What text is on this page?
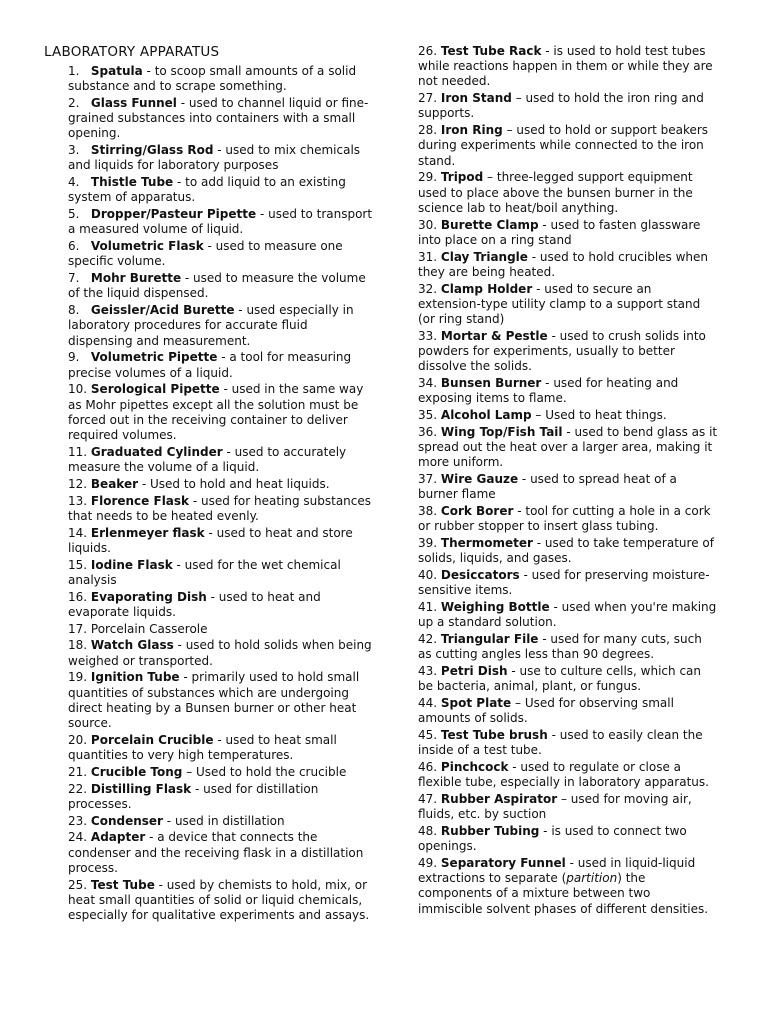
LABORATORY APPARATUS
1.   Spatula - to scoop small amounts of a solid substance and to scrape something.
2.   Glass Funnel - used to channel liquid or fine-grained substances into containers with a small opening.
3.   Stirring/Glass Rod - used to mix chemicals and liquids for laboratory purposes
4.   Thistle Tube - to add liquid to an existing system of apparatus.
5.   Dropper/Pasteur Pipette - used to transport a measured volume of liquid.
6.   Volumetric Flask - used to measure one specific volume.
7.   Mohr Burette - used to measure the volume of the liquid dispensed.
8.   Geissler/Acid Burette - used especially in laboratory procedures for accurate fluid dispensing and measurement.
9.   Volumetric Pipette - a tool for measuring precise volumes of a liquid.
10. Serological Pipette - used in the same way as Mohr pipettes except all the solution must be forced out in the receiving container to deliver required volumes.
11. Graduated Cylinder - used to accurately measure the volume of a liquid.
12. Beaker - Used to hold and heat liquids.
13. Florence Flask - used for heating substances that needs to be heated evenly.
14. Erlenmeyer flask - used to heat and store liquids.
15. Iodine Flask - used for the wet chemical analysis
16. Evaporating Dish - used to heat and evaporate liquids.
17. Porcelain Casserole
18. Watch Glass - used to hold solids when being weighed or transported.
19. Ignition Tube - primarily used to hold small quantities of substances which are undergoing direct heating by a Bunsen burner or other heat source.
20. Porcelain Crucible - used to heat small quantities to very high temperatures.
21. Crucible Tong – Used to hold the crucible
22. Distilling Flask - used for distillation processes.
23. Condenser - used in distillation
24. Adapter - a device that connects the condenser and the receiving flask in a distillation process.
25. Test Tube - used by chemists to hold, mix, or heat small quantities of solid or liquid chemicals, especially for qualitative experiments and assays.
26. Test Tube Rack - is used to hold test tubes while reactions happen in them or while they are not needed.
27. Iron Stand – used to hold the iron ring and supports.
28. Iron Ring – used to hold or support beakers during experiments while connected to the iron stand.
29. Tripod – three-legged support equipment used to place above the bunsen burner in the science lab to heat/boil anything.
30. Burette Clamp - used to fasten glassware into place on a ring stand
31. Clay Triangle - used to hold crucibles when they are being heated.
32. Clamp Holder - used to secure an extension-type utility clamp to a support stand (or ring stand)
33. Mortar & Pestle - used to crush solids into powders for experiments, usually to better dissolve the solids.
34. Bunsen Burner - used for heating and exposing items to flame.
35. Alcohol Lamp – Used to heat things.
36. Wing Top/Fish Tail - used to bend glass as it spread out the heat over a larger area, making it more uniform.
37. Wire Gauze - used to spread heat of a burner flame
38. Cork Borer - tool for cutting a hole in a cork or rubber stopper to insert glass tubing.
39. Thermometer - used to take temperature of solids, liquids, and gases.
40. Desiccators - used for preserving moisture-sensitive items.
41. Weighing Bottle - used when you're making up a standard solution.
42. Triangular File - used for many cuts, such as cutting angles less than 90 degrees.
43. Petri Dish - use to culture cells, which can be bacteria, animal, plant, or fungus.
44. Spot Plate – Used for observing small amounts of solids.
45. Test Tube brush - used to easily clean the inside of a test tube.
46. Pinchcock - used to regulate or close a flexible tube, especially in laboratory apparatus.
47. Rubber Aspirator – used for moving air, fluids, etc. by suction
48. Rubber Tubing - is used to connect two openings.
49. Separatory Funnel - used in liquid-liquid extractions to separate (partition) the components of a mixture between two immiscible solvent phases of different densities.
